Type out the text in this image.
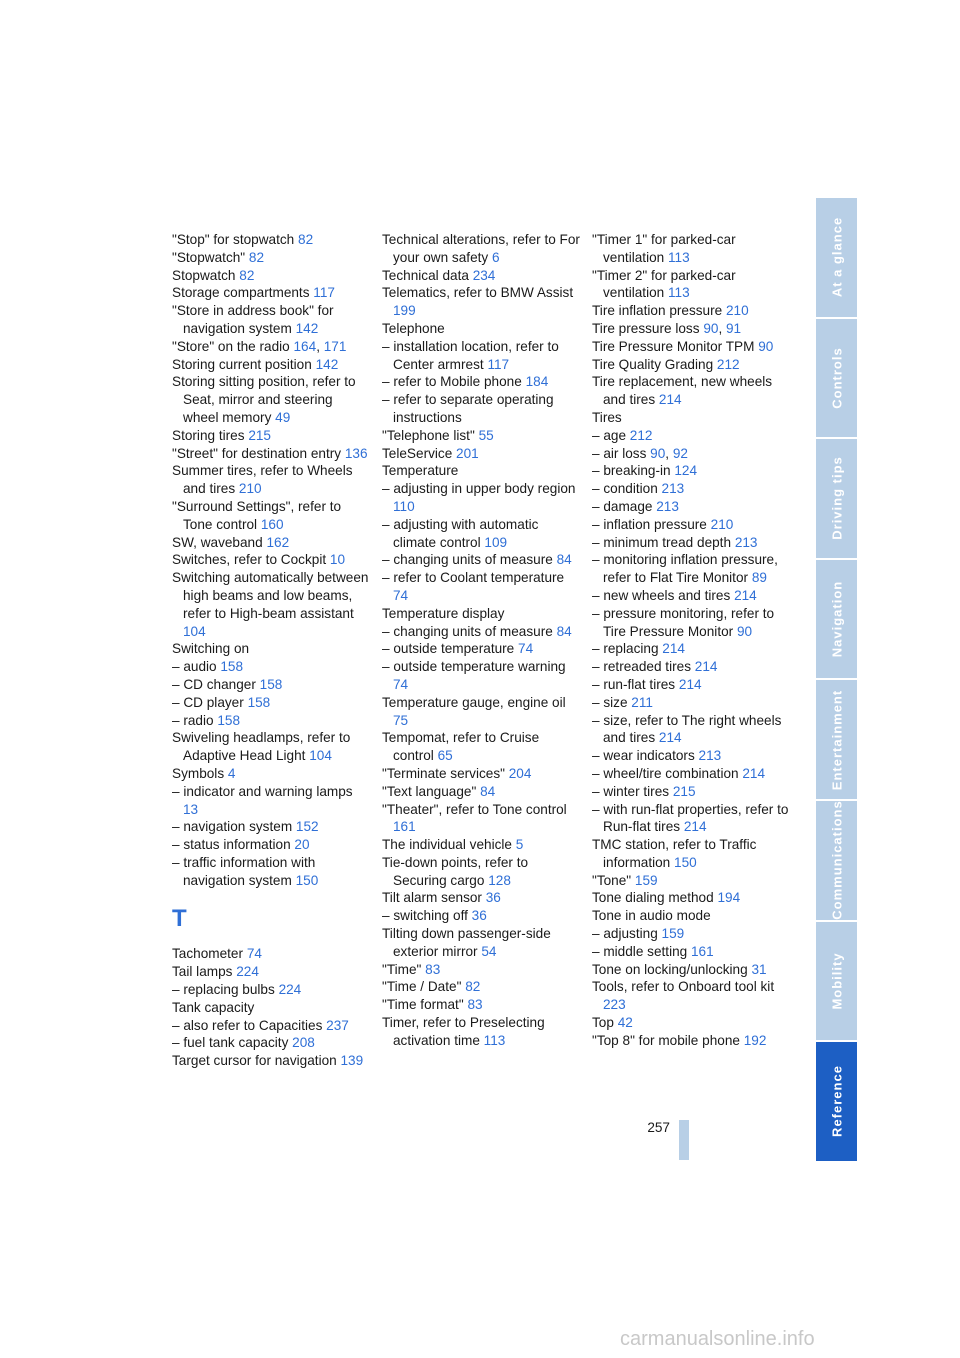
"Stop" for stopwatch 82
"Stopwatch" 82
Stopwatch 82
Storage compartments 117
"Store in address book" for navigation system 142
"Store" on the radio 164, 171
Storing current position 142
Storing sitting position, refer to Seat, mirror and steering wheel memory 49
Storing tires 215
"Street" for destination entry 136
Summer tires, refer to Wheels and tires 210
"Surround Settings", refer to Tone control 160
SW, waveband 162
Switches, refer to Cockpit 10
Switching automatically between high beams and low beams, refer to High-beam assistant 104
Switching on
– audio 158
– CD changer 158
– CD player 158
– radio 158
Swiveling headlamps, refer to Adaptive Head Light 104
Symbols 4
– indicator and warning lamps 13
– navigation system 152
– status information 20
– traffic information with navigation system 150
T
Tachometer 74
Tail lamps 224
– replacing bulbs 224
Tank capacity
– also refer to Capacities 237
– fuel tank capacity 208
Target cursor for navigation 139
Technical alterations, refer to For your own safety 6
Technical data 234
Telematics, refer to BMW Assist 199
Telephone
– installation location, refer to Center armrest 117
– refer to Mobile phone 184
– refer to separate operating instructions
"Telephone list" 55
TeleService 201
Temperature
– adjusting in upper body region 110
– adjusting with automatic climate control 109
– changing units of measure 84
– refer to Coolant temperature 74
Temperature display
– changing units of measure 84
– outside temperature 74
– outside temperature warning 74
Temperature gauge, engine oil 75
Tempomat, refer to Cruise control 65
"Terminate services" 204
"Text language" 84
"Theater", refer to Tone control 161
The individual vehicle 5
Tie-down points, refer to Securing cargo 128
Tilt alarm sensor 36
– switching off 36
Tilting down passenger-side exterior mirror 54
"Time" 83
"Time / Date" 82
"Time format" 83
Timer, refer to Preselecting activation time 113
"Timer 1" for parked-car ventilation 113
"Timer 2" for parked-car ventilation 113
Tire inflation pressure 210
Tire pressure loss 90, 91
Tire Pressure Monitor TPM 90
Tire Quality Grading 212
Tire replacement, new wheels and tires 214
Tires
– age 212
– air loss 90, 92
– breaking-in 124
– condition 213
– damage 213
– inflation pressure 210
– minimum tread depth 213
– monitoring inflation pressure, refer to Flat Tire Monitor 89
– new wheels and tires 214
– pressure monitoring, refer to Tire Pressure Monitor 90
– replacing 214
– retreaded tires 214
– run-flat tires 214
– size 211
– size, refer to The right wheels and tires 214
– wear indicators 213
– wheel/tire combination 214
– winter tires 215
– with run-flat properties, refer to Run-flat tires 214
TMC station, refer to Traffic information 150
"Tone" 159
Tone dialing method 194
Tone in audio mode
– adjusting 159
– middle setting 161
Tone on locking/unlocking 31
Tools, refer to Onboard tool kit 223
Top 42
"Top 8" for mobile phone 192
At a glance
Controls
Driving tips
Navigation
Entertainment
Communications
Mobility
Reference
257
carmanualsonline.info
